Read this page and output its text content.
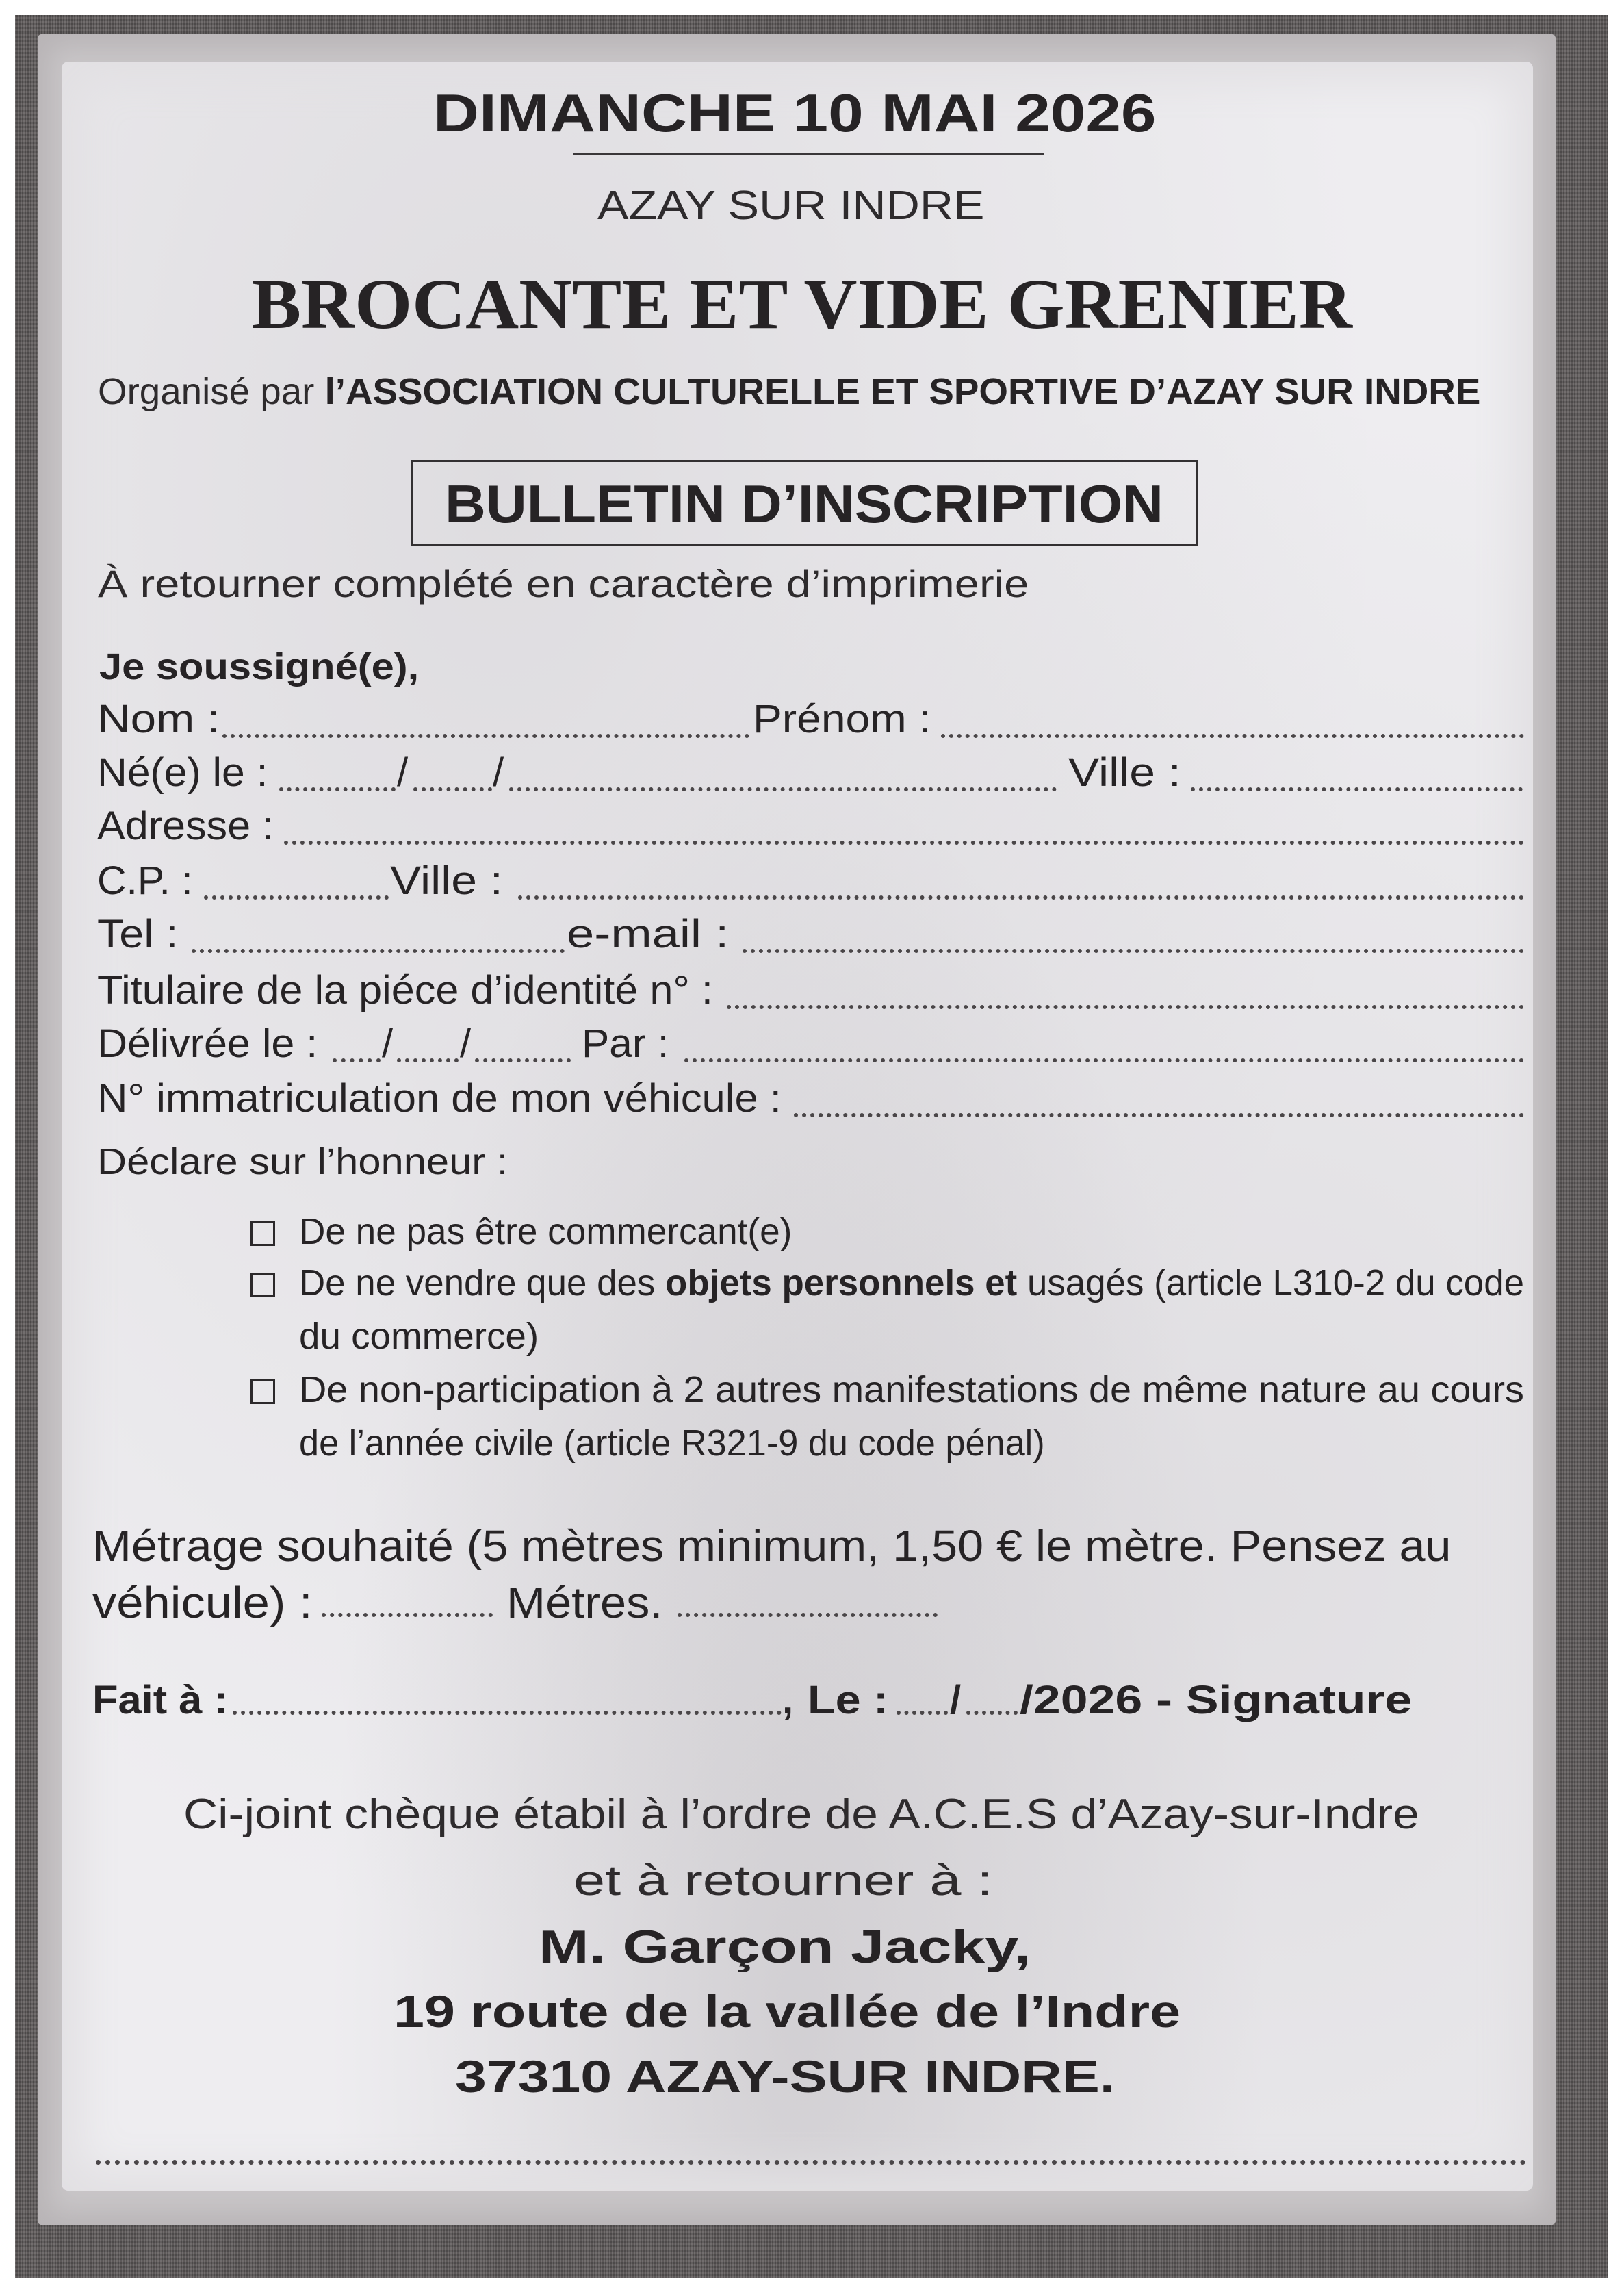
DIMANCHE 10 MAI 2026
AZAY SUR INDRE
BROCANTE ET VIDE GRENIER
Organisé par l’ASSOCIATION CULTURELLE ET SPORTIVE D’AZAY SUR INDRE
BULLETIN D’INSCRIPTION
À retourner complété en caractère d’imprimerie
Je soussigné(e),
Nom :	Prénom :
Né(e) le :	/ /	Ville :
Adresse :
C.P. :	Ville :
Tel :	e-mail :
Titulaire de la piéce d’identité n° :
Délivrée le : / /	Par :
N° immatriculation de mon véhicule :
Déclare sur l’honneur :
De ne pas être commercant(e)
De ne vendre que des objets personnels et usagés (article L310-2 du code
du commerce)
De non-participation à 2 autres manifestations de même nature au cours
de l’année civile (article R321-9 du code pénal)
Métrage souhaité (5 mètres minimum, 1,50 € le mètre. Pensez au
véhicule) :	Métres.
Fait à :	, Le : / /2026 - Signature
Ci-joint chèque étabil à l’ordre de A.C.E.S d’Azay-sur-Indre
et à retourner à :
M. Garçon Jacky,
19 route de la vallée de l’Indre
37310 AZAY-SUR INDRE.
